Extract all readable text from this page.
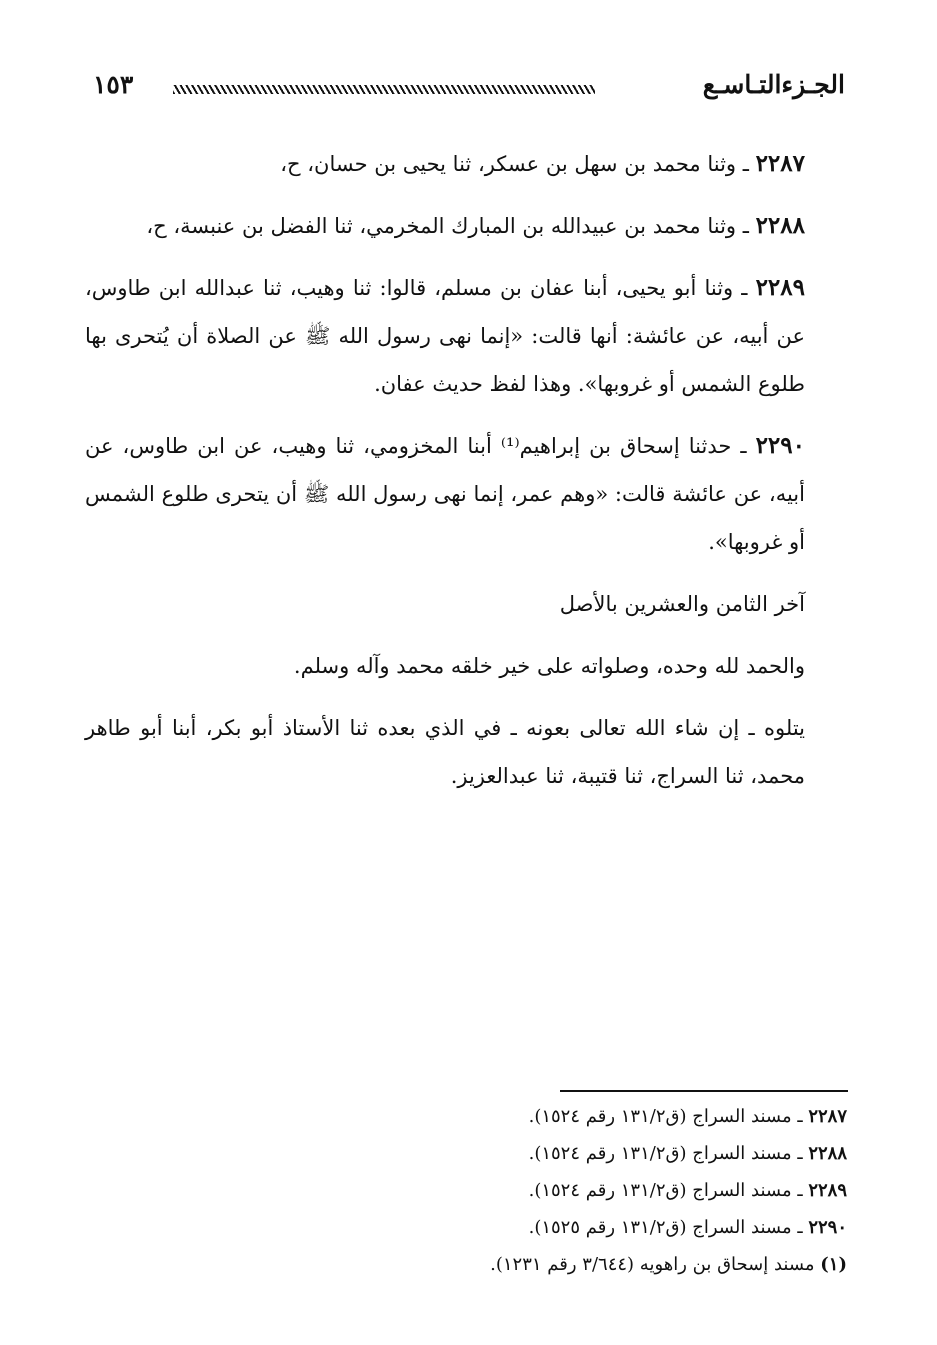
الجـزءالتـاسـع
١٥٣

٢٢٨٧ ـ وثنا محمد بن سهل بن عسكر، ثنا يحيى بن حسان، ح،

٢٢٨٨ ـ وثنا محمد بن عبيدالله بن المبارك المخرمي، ثنا الفضل بن عنبسة، ح،

٢٢٨٩ ـ وثنا أبو يحيى، أبنا عفان بن مسلم، قالوا: ثنا وهيب، ثنا عبدالله ابن طاوس، عن أبيه، عن عائشة: أنها قالت: «إنما نهى رسول الله ﷺ عن الصلاة أن يُتحرى بها طلوع الشمس أو غروبها». وهذا لفظ حديث عفان.

٢٢٩٠ ـ حدثنا إسحاق بن إبراهيم⁽¹⁾ أبنا المخزومي، ثنا وهيب، عن ابن طاوس، عن أبيه، عن عائشة قالت: «وهم عمر، إنما نهى رسول الله ﷺ أن يتحرى طلوع الشمس أو غروبها».

آخر الثامن والعشرين بالأصل

والحمد لله وحده، وصلواته على خير خلقه محمد وآله وسلم.

يتلوه ـ إن شاء الله تعالى بعونه ـ في الذي بعده ثنا الأستاذ أبو بكر، أبنا أبو طاهر محمد، ثنا السراج، ثنا قتيبة، ثنا عبدالعزيز.

٢٢٨٧ ـ مسند السراج (ق١٣١/٢ رقم ١٥٢٤).

٢٢٨٨ ـ مسند السراج (ق١٣١/٢ رقم ١٥٢٤).

٢٢٨٩ ـ مسند السراج (ق١٣١/٢ رقم ١٥٢٤).

٢٢٩٠ ـ مسند السراج (ق١٣١/٢ رقم ١٥٢٥).

(١) مسند إسحاق بن راهويه (٣/٦٤٤ رقم ١٢٣١).
